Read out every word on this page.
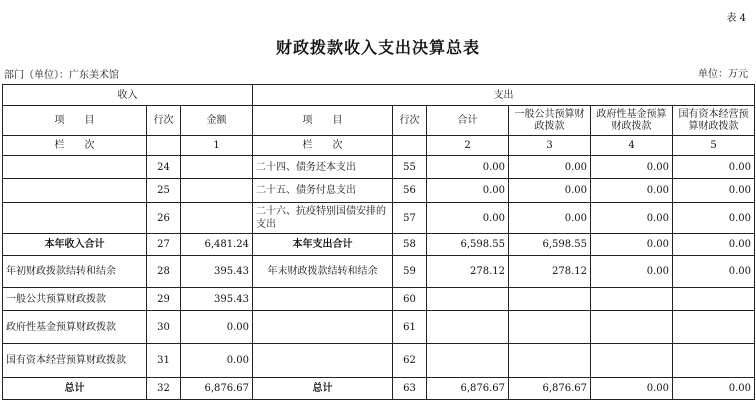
表 4
财政拨款收入支出决算总表
部门（单位）：广东美术馆	单位：万元
收入			支出					
项　　目	行次	金额	项　　目	行次	合计	一般公共预算财政拨款	政府性基金预算财政拨款	国有资本经营预算财政拨款
栏　　次		1	栏　　次		2	3	4	5
	24		二十四、债务还本支出	55	0.00	0.00	0.00	0.00
	25		二十五、债务付息支出	56	0.00	0.00	0.00	0.00
	26		二十六、抗疫特别国债安排的支出	57	0.00	0.00	0.00	0.00
本年收入合计	27	6,481.24	本年支出合计	58	6,598.55	6,598.55	0.00	0.00
年初财政拨款结转和结余	28	395.43	年末财政拨款结转和结余	59	278.12	278.12	0.00	0.00
一般公共预算财政拨款	29	395.43		60				
政府性基金预算财政拨款	30	0.00		61				
国有资本经营预算财政拨款	31	0.00		62				
总计	32	6,876.67	总计	63	6,876.67	6,876.67	0.00	0.00
